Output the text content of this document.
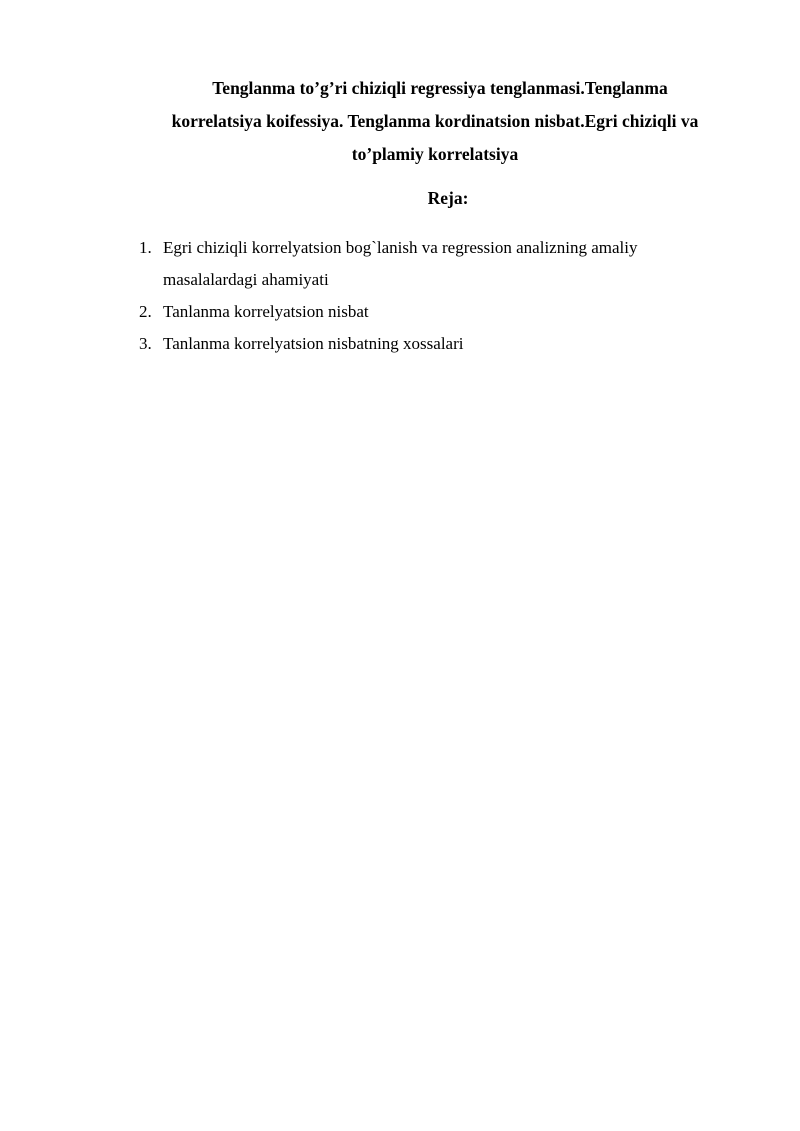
Tenglanma to’g’ri chiziqli regressiya tenglanmasi.Tenglanma
korrelatsiya koifessiya. Tenglanma kordinatsion nisbat.Egri chiziqli va
to’plamiy korrelatsiya
Reja:
1. Egri chiziqli korrelyatsion bog`lanish va regression analizning amaliy
masalalardagi ahamiyati
2. Tanlanma korrelyatsion nisbat
3. Tanlanma korrelyatsion nisbatning xossalari
